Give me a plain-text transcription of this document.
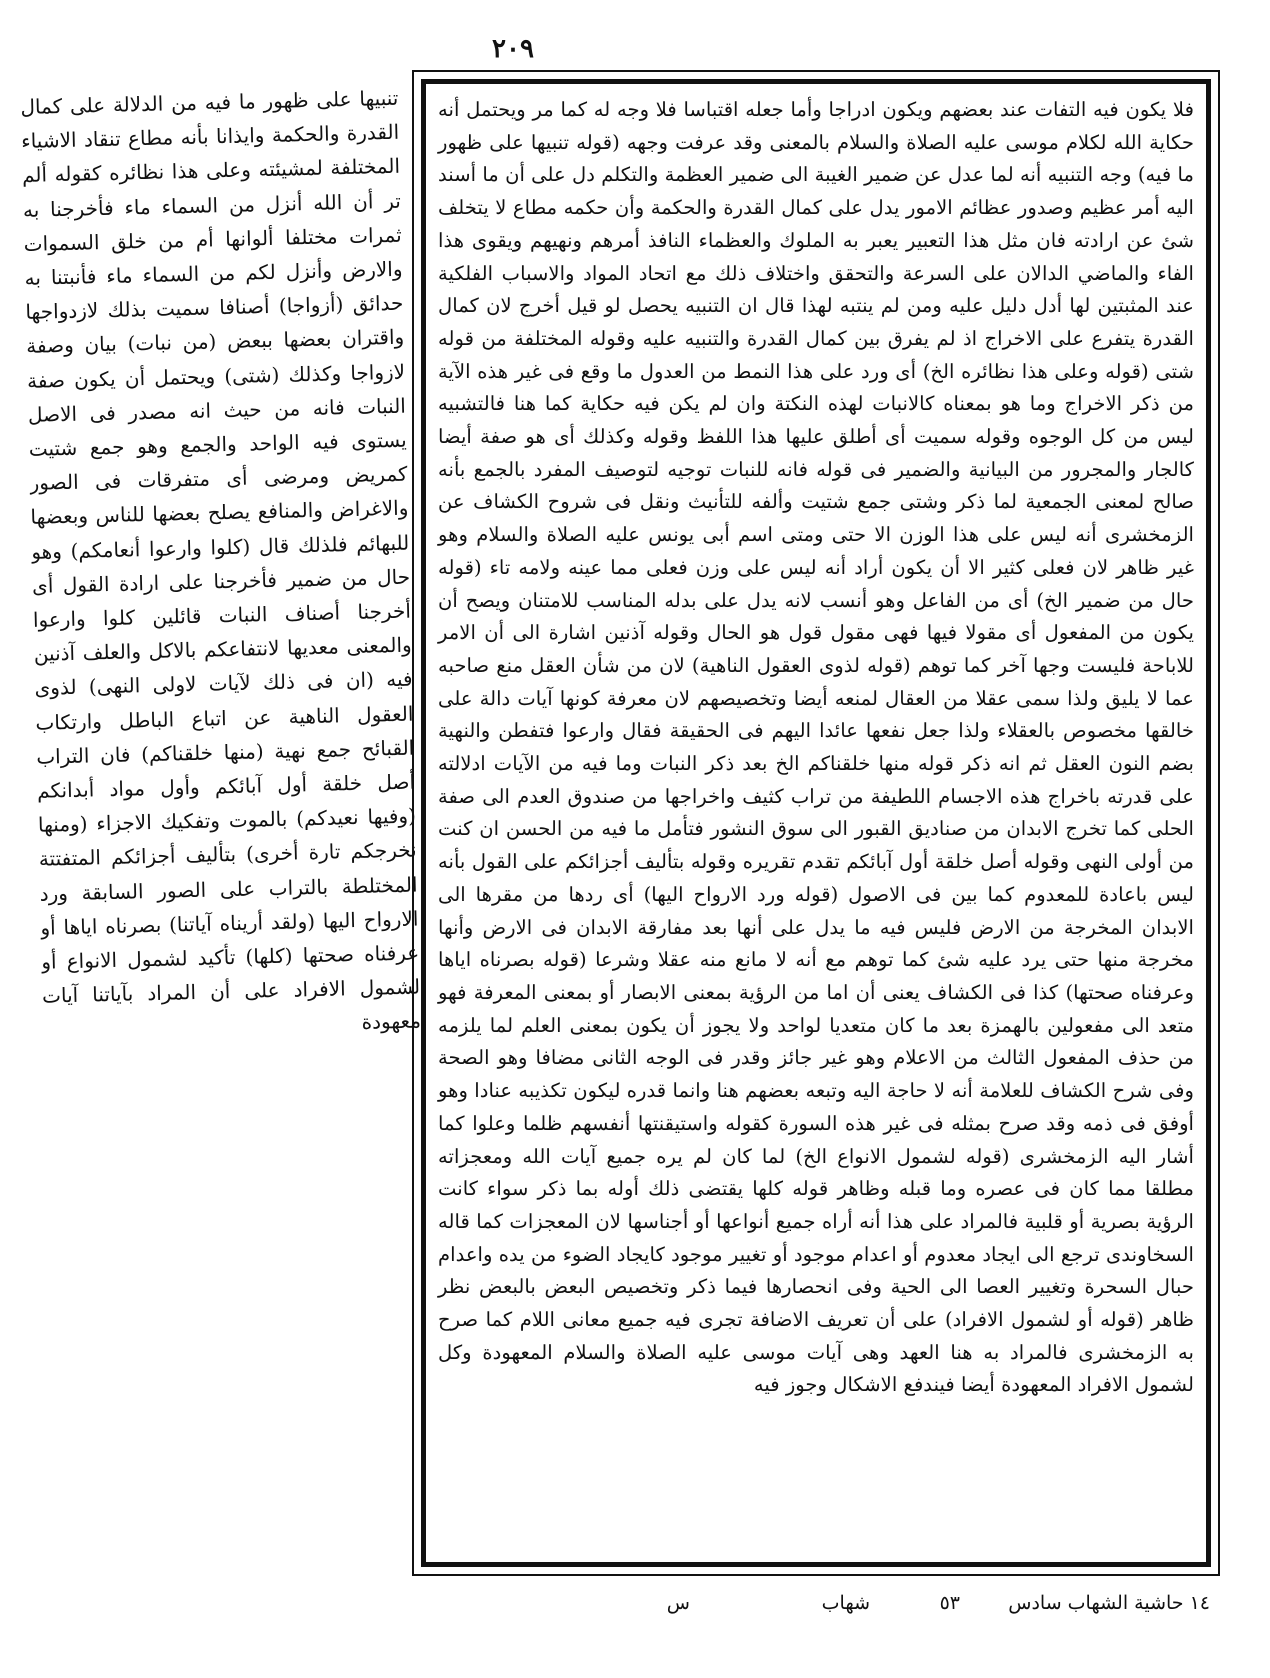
٢٠٩

تنبيها على ظهور ما فيه من الدلالة على كمال القدرة والحكمة وايذانا بأنه مطاع تنقاد الاشياء المختلفة لمشيئته وعلى هذا نظائره كقوله ألم تر أن الله أنزل من السماء ماء فأخرجنا به ثمرات مختلفا ألوانها أم من خلق السموات والارض وأنزل لكم من السماء ماء فأنبتنا به حدائق (أزواجا) أصنافا سميت بذلك لازدواجها واقتران بعضها ببعض (من نبات) بيان وصفة لازواجا وكذلك (شتى) ويحتمل أن يكون صفة النبات فانه من حيث انه مصدر فى الاصل يستوى فيه الواحد والجمع وهو جمع شتيت كمريض ومرضى أى متفرقات فى الصور والاغراض والمنافع يصلح بعضها للناس وبعضها للبهائم فلذلك قال (كلوا وارعوا أنعامكم) وهو حال من ضمير فأخرجنا على ارادة القول أى أخرجنا أصناف النبات قائلين كلوا وارعوا والمعنى معديها لانتفاعكم بالاكل والعلف آذنين فيه (ان فى ذلك لآيات لاولى النهى) لذوى العقول الناهية عن اتباع الباطل وارتكاب القبائح جمع نهية (منها خلقناكم) فان التراب أصل خلقة أول آبائكم وأول مواد أبدانكم (وفيها نعيدكم) بالموت وتفكيك الاجزاء (ومنها نخرجكم تارة أخرى) بتأليف أجزائكم المتفتتة المختلطة بالتراب على الصور السابقة ورد الارواح اليها (ولقد أريناه آياتنا) بصرناه اياها أو عرفناه صحتها (كلها) تأكيد لشمول الانواع أو لشمول الافراد على أن المراد بآياتنا آيات معهودة

فلا يكون فيه التفات عند بعضهم ويكون ادراجا وأما جعله اقتباسا فلا وجه له كما مر ويحتمل أنه حكاية الله لكلام موسى عليه الصلاة والسلام بالمعنى وقد عرفت وجهه (قوله تنبيها على ظهور ما فيه) وجه التنبيه أنه لما عدل عن ضمير الغيبة الى ضمير العظمة والتكلم دل على أن ما أسند اليه أمر عظيم وصدور عظائم الامور يدل على كمال القدرة والحكمة وأن حكمه مطاع لا يتخلف شئ عن ارادته فان مثل هذا التعبير يعبر به الملوك والعظماء النافذ أمرهم ونهيهم ويقوى هذا الفاء والماضي الدالان على السرعة والتحقق واختلاف ذلك مع اتحاد المواد والاسباب الفلكية عند المثبتين لها أدل دليل عليه ومن لم ينتبه لهذا قال ان التنبيه يحصل لو قيل أخرج لان كمال القدرة يتفرع على الاخراج اذ لم يفرق بين كمال القدرة والتنبيه عليه وقوله المختلفة من قوله شتى (قوله وعلى هذا نظائره الخ) أى ورد على هذا النمط من العدول ما وقع فى غير هذه الآية من ذكر الاخراج وما هو بمعناه كالانبات لهذه النكتة وان لم يكن فيه حكاية كما هنا فالتشبيه ليس من كل الوجوه وقوله سميت أى أطلق عليها هذا اللفظ وقوله وكذلك أى هو صفة أيضا كالجار والمجرور من البيانية والضمير فى قوله فانه للنبات توجيه لتوصيف المفرد بالجمع بأنه صالح لمعنى الجمعية لما ذكر وشتى جمع شتيت وألفه للتأنيث ونقل فى شروح الكشاف عن الزمخشرى أنه ليس على هذا الوزن الا حتى ومتى اسم أبى يونس عليه الصلاة والسلام وهو غير ظاهر لان فعلى كثير الا أن يكون أراد أنه ليس على وزن فعلى مما عينه ولامه تاء (قوله حال من ضمير الخ) أى من الفاعل وهو أنسب لانه يدل على بدله المناسب للامتنان ويصح أن يكون من المفعول أى مقولا فيها فهى مقول قول هو الحال وقوله آذنين اشارة الى أن الامر للاباحة فليست وجها آخر كما توهم (قوله لذوى العقول الناهية) لان من شأن العقل منع صاحبه عما لا يليق ولذا سمى عقلا من العقال لمنعه أيضا وتخصيصهم لان معرفة كونها آيات دالة على خالقها مخصوص بالعقلاء ولذا جعل نفعها عائدا اليهم فى الحقيقة فقال وارعوا فتفطن والنهية بضم النون العقل ثم انه ذكر قوله منها خلقناكم الخ بعد ذكر النبات وما فيه من الآيات ادلالته على قدرته باخراج هذه الاجسام اللطيفة من تراب كثيف واخراجها من صندوق العدم الى صفة الحلى كما تخرج الابدان من صناديق القبور الى سوق النشور فتأمل ما فيه من الحسن ان كنت من أولى النهى وقوله أصل خلقة أول آبائكم تقدم تقريره وقوله بتأليف أجزائكم على القول بأنه ليس باعادة للمعدوم كما بين فى الاصول (قوله ورد الارواح اليها) أى ردها من مقرها الى الابدان المخرجة من الارض فليس فيه ما يدل على أنها بعد مفارقة الابدان فى الارض وأنها مخرجة منها حتى يرد عليه شئ كما توهم مع أنه لا مانع منه عقلا وشرعا (قوله بصرناه اياها وعرفناه صحتها) كذا فى الكشاف يعنى أن اما من الرؤية بمعنى الابصار أو بمعنى المعرفة فهو متعد الى مفعولين بالهمزة بعد ما كان متعديا لواحد ولا يجوز أن يكون بمعنى العلم لما يلزمه من حذف المفعول الثالث من الاعلام وهو غير جائز وقدر فى الوجه الثانى مضافا وهو الصحة وفى شرح الكشاف للعلامة أنه لا حاجة اليه وتبعه بعضهم هنا وانما قدره ليكون تكذيبه عنادا وهو أوفق فى ذمه وقد صرح بمثله فى غير هذه السورة كقوله واستيقنتها أنفسهم ظلما وعلوا كما أشار اليه الزمخشرى (قوله لشمول الانواع الخ) لما كان لم يره جميع آيات الله ومعجزاته مطلقا مما كان فى عصره وما قبله وظاهر قوله كلها يقتضى ذلك أوله بما ذكر سواء كانت الرؤية بصرية أو قلبية فالمراد على هذا أنه أراه جميع أنواعها أو أجناسها لان المعجزات كما قاله السخاوندى ترجع الى ايجاد معدوم أو اعدام موجود أو تغيير موجود كايجاد الضوء من يده واعدام حبال السحرة وتغيير العصا الى الحية وفى انحصارها فيما ذكر وتخصيص البعض بالبعض نظر ظاهر (قوله أو لشمول الافراد) على أن تعريف الاضافة تجرى فيه جميع معانى اللام كما صرح به الزمخشرى فالمراد به هنا العهد وهى آيات موسى عليه الصلاة والسلام المعهودة وكل لشمول الافراد المعهودة أيضا فيندفع الاشكال وجوز فيه

١٤ حاشية الشهاب سادس
٥٣
شهاب
س
